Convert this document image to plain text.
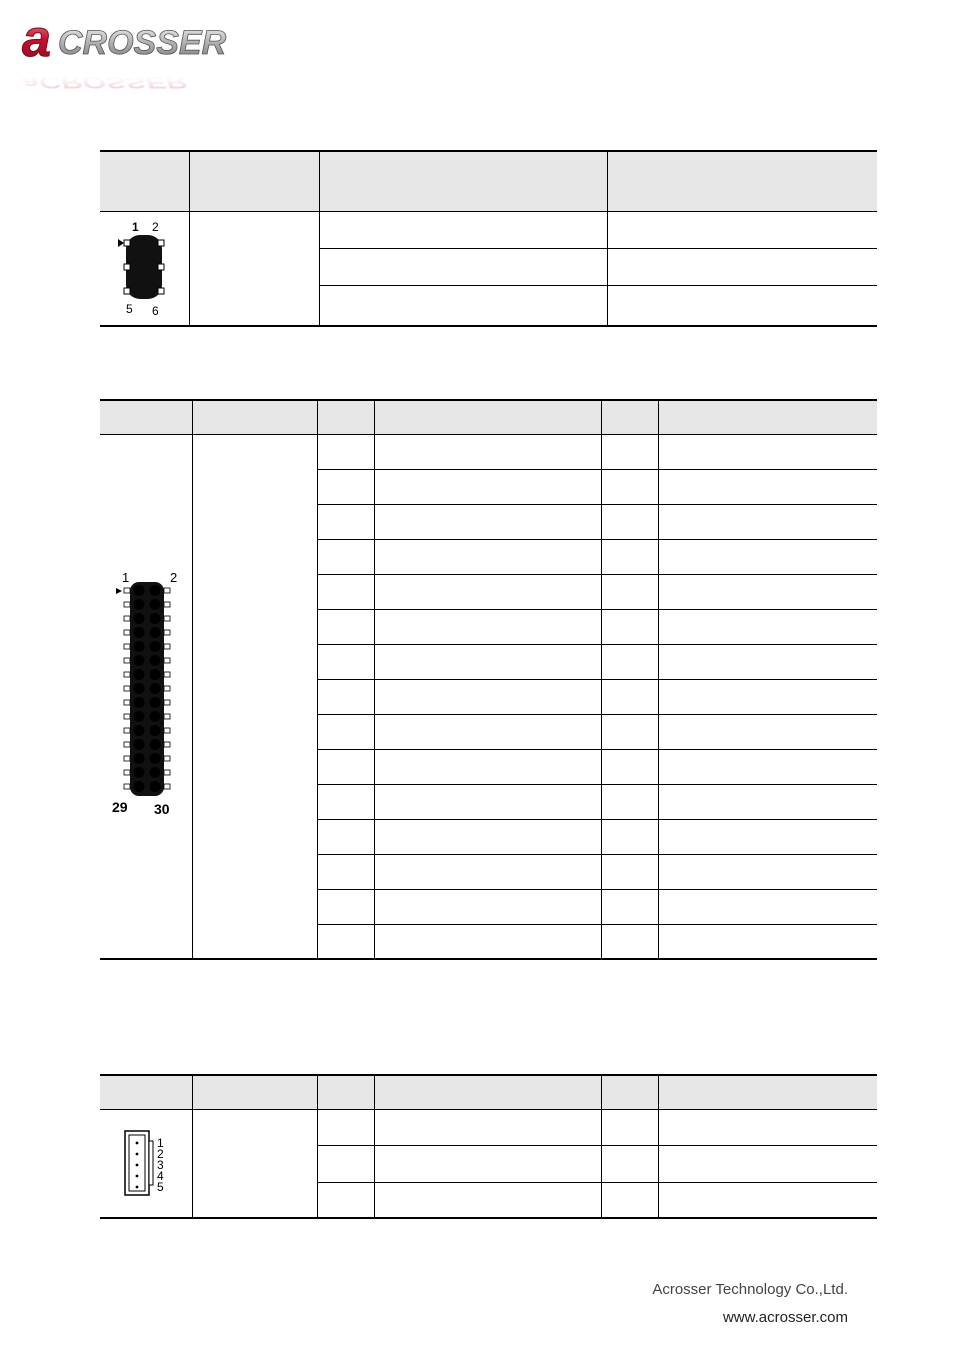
a CROSSER
aCROSSER

1 2
5 6			

1 2
29 30					

1
2
3
4
5					

Acrosser Technology Co.,Ltd.
www.acrosser.com
